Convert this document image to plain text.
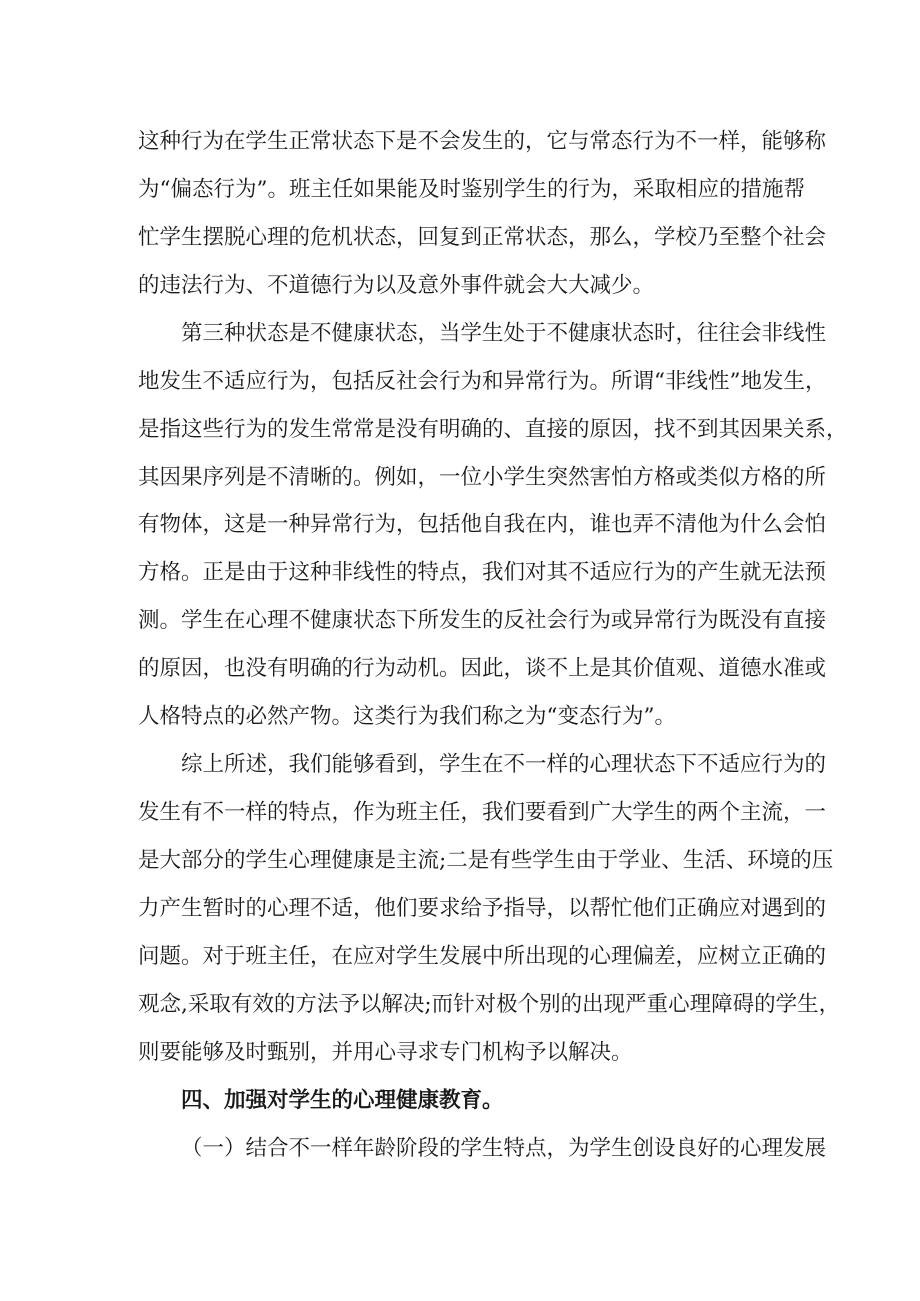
这种行为在学生正常状态下是不会发生的，它与常态行为不一样，能够称
为“偏态行为”。班主任如果能及时鉴别学生的行为，采取相应的措施帮
忙学生摆脱心理的危机状态，回复到正常状态，那么，学校乃至整个社会
的违法行为、不道德行为以及意外事件就会大大减少。
第三种状态是不健康状态，当学生处于不健康状态时，往往会非线性
地发生不适应行为，包括反社会行为和异常行为。所谓“非线性”地发生，
是指这些行为的发生常常是没有明确的、直接的原因，找不到其因果关系，
其因果序列是不清晰的。例如，一位小学生突然害怕方格或类似方格的所
有物体，这是一种异常行为，包括他自我在内，谁也弄不清他为什么会怕
方格。正是由于这种非线性的特点，我们对其不适应行为的产生就无法预
测。学生在心理不健康状态下所发生的反社会行为或异常行为既没有直接
的原因，也没有明确的行为动机。因此，谈不上是其价值观、道德水准或
人格特点的必然产物。这类行为我们称之为“变态行为”。
综上所述，我们能够看到，学生在不一样的心理状态下不适应行为的
发生有不一样的特点，作为班主任，我们要看到广大学生的两个主流，一
是大部分的学生心理健康是主流;二是有些学生由于学业、生活、环境的压
力产生暂时的心理不适，他们要求给予指导，以帮忙他们正确应对遇到的
问题。对于班主任，在应对学生发展中所出现的心理偏差，应树立正确的
观念,采取有效的方法予以解决;而针对极个别的出现严重心理障碍的学生，
则要能够及时甄别，并用心寻求专门机构予以解决。
四、加强对学生的心理健康教育。
（一）结合不一样年龄阶段的学生特点，为学生创设良好的心理发展
